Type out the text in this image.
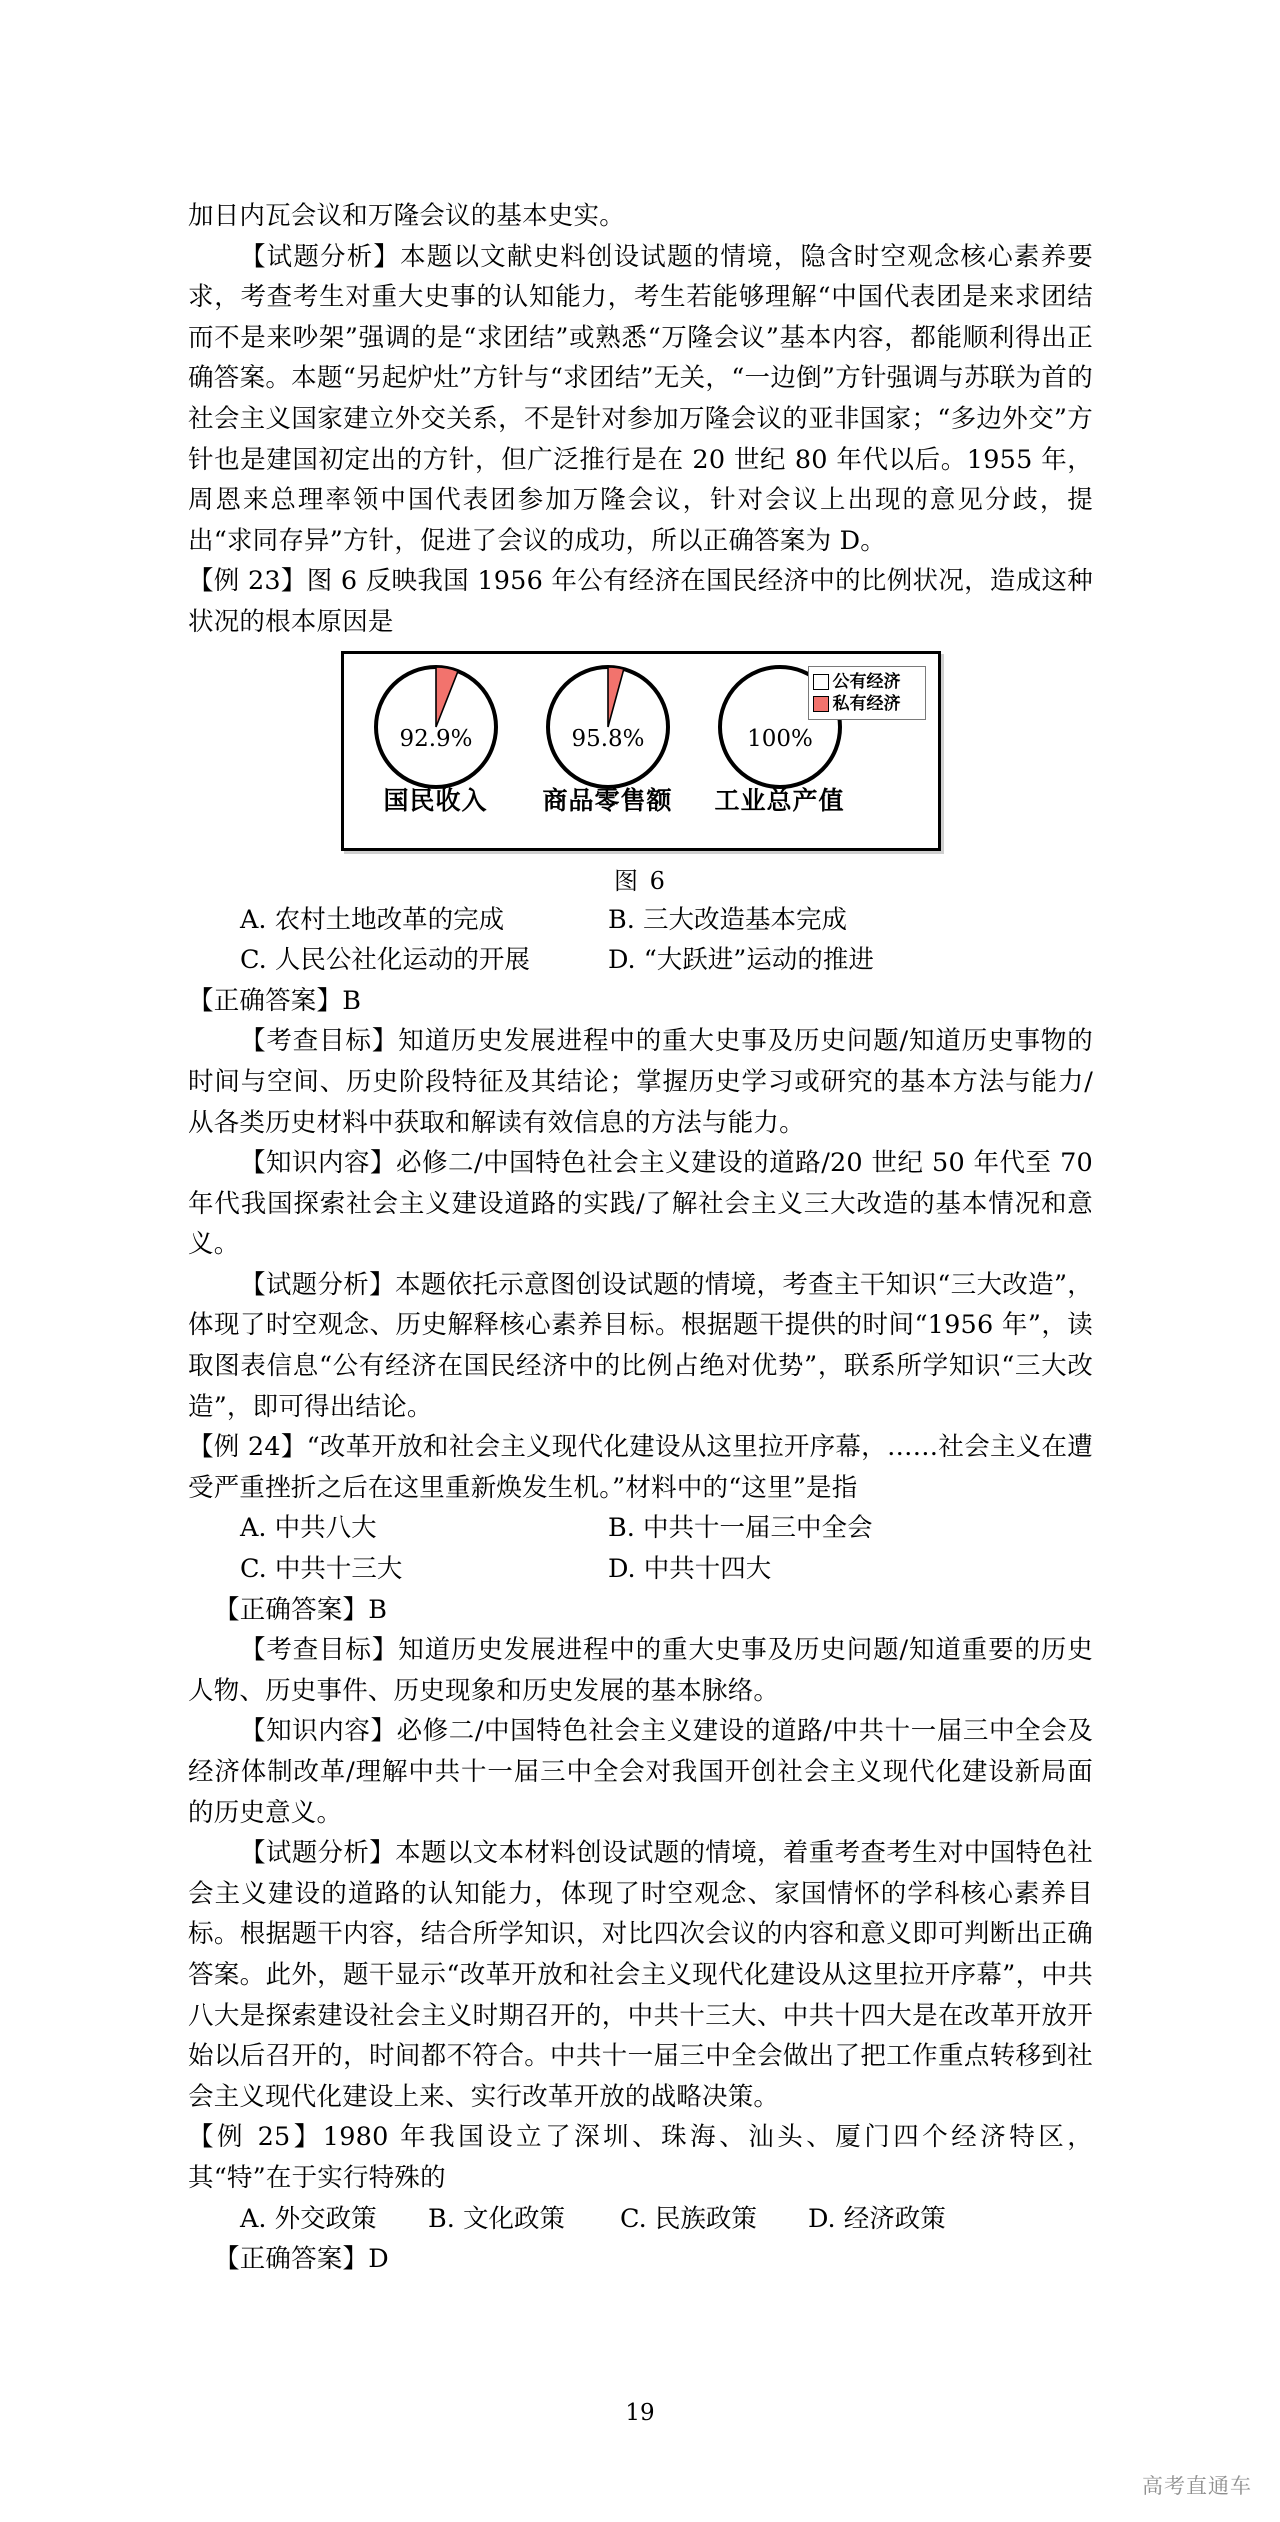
加日内瓦会议和万隆会议的基本史实。

【试题分析】本题以文献史料创设试题的情境，隐含时空观念核心素养要求，考查考生对重大史事的认知能力，考生若能够理解“中国代表团是来求团结而不是来吵架”强调的是“求团结”或熟悉“万隆会议”基本内容，都能顺利得出正确答案。本题“另起炉灶”方针与“求团结”无关，“一边倒”方针强调与苏联为首的社会主义国家建立外交关系，不是针对参加万隆会议的亚非国家；“多边外交”方针也是建国初定出的方针，但广泛推行是在 20 世纪 80 年代以后。1955 年，周恩来总理率领中国代表团参加万隆会议，针对会议上出现的意见分歧，提出“求同存异”方针，促进了会议的成功，所以正确答案为 D。

【例 23】图 6 反映我国 1956 年公有经济在国民经济中的比例状况，造成这种状况的根本原因是

92.9%
国民收入
95.8%
商品零售额
100%
工业总产值
公有经济
私有经济
图 6
A. 农村土地改革的完成	B. 三大改造基本完成
C. 人民公社化运动的开展	D. “大跃进”运动的推进

【正确答案】B

【考查目标】知道历史发展进程中的重大史事及历史问题/知道历史事物的时间与空间、历史阶段特征及其结论；掌握历史学习或研究的基本方法与能力/从各类历史材料中获取和解读有效信息的方法与能力。

【知识内容】必修二/中国特色社会主义建设的道路/20 世纪 50 年代至 70 年代我国探索社会主义建设道路的实践/了解社会主义三大改造的基本情况和意义。

【试题分析】本题依托示意图创设试题的情境，考查主干知识“三大改造”，体现了时空观念、历史解释核心素养目标。根据题干提供的时间“1956 年”，读取图表信息“公有经济在国民经济中的比例占绝对优势”，联系所学知识“三大改造”，即可得出结论。

【例 24】“改革开放和社会主义现代化建设从这里拉开序幕，……社会主义在遭受严重挫折之后在这里重新焕发生机。”材料中的“这里”是指

A. 中共八大	B. 中共十一届三中全会
C. 中共十三大	D. 中共十四大

【正确答案】B

【考查目标】知道历史发展进程中的重大史事及历史问题/知道重要的历史人物、历史事件、历史现象和历史发展的基本脉络。

【知识内容】必修二/中国特色社会主义建设的道路/中共十一届三中全会及经济体制改革/理解中共十一届三中全会对我国开创社会主义现代化建设新局面的历史意义。

【试题分析】本题以文本材料创设试题的情境，着重考查考生对中国特色社会主义建设的道路的认知能力，体现了时空观念、家国情怀的学科核心素养目标。根据题干内容，结合所学知识，对比四次会议的内容和意义即可判断出正确答案。此外，题干显示“改革开放和社会主义现代化建设从这里拉开序幕”，中共八大是探索建设社会主义时期召开的，中共十三大、中共十四大是在改革开放开始以后召开的，时间都不符合。中共十一届三中全会做出了把工作重点转移到社会主义现代化建设上来、实行改革开放的战略决策。

【例 25】1980 年我国设立了深圳、珠海、汕头、厦门四个经济特区，其“特”在于实行特殊的

A. 外交政策	B. 文化政策	C. 民族政策	D. 经济政策

【正确答案】D

19
高考直通车
